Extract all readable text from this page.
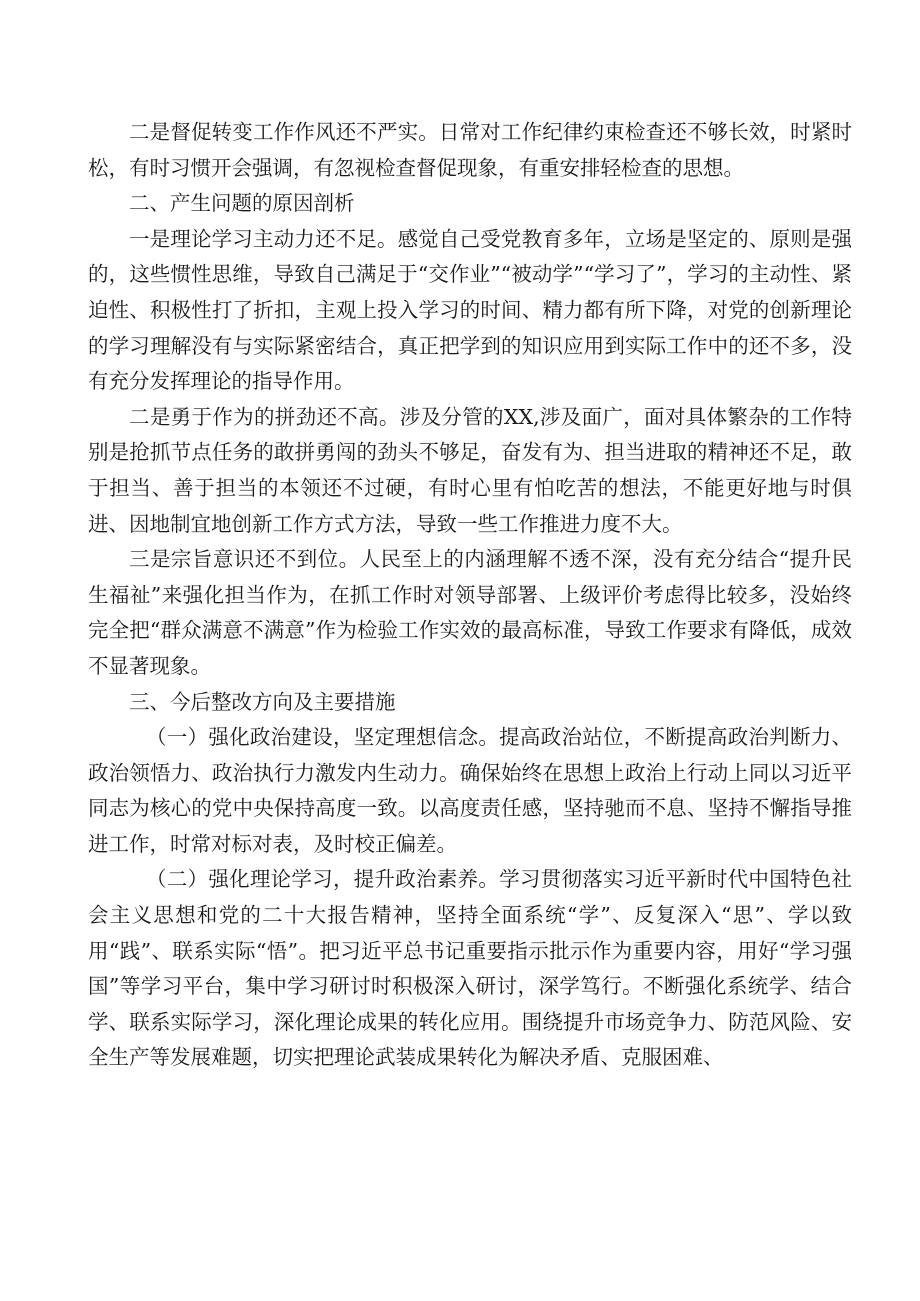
二是督促转变工作作风还不严实。日常对工作纪律约束检查还不够长效，时紧时松，有时习惯开会强调，有忽视检查督促现象，有重安排轻检查的思想。

二、产生问题的原因剖析

一是理论学习主动力还不足。感觉自己受党教育多年，立场是坚定的、原则是强的，这些惯性思维，导致自己满足于“交作业”“被动学”“学习了”，学习的主动性、紧迫性、积极性打了折扣，主观上投入学习的时间、精力都有所下降，对党的创新理论的学习理解没有与实际紧密结合，真正把学到的知识应用到实际工作中的还不多，没有充分发挥理论的指导作用。

二是勇于作为的拼劲还不高。涉及分管的XX,涉及面广，面对具体繁杂的工作特别是抢抓节点任务的敢拼勇闯的劲头不够足，奋发有为、担当进取的精神还不足，敢于担当、善于担当的本领还不过硬，有时心里有怕吃苦的想法，不能更好地与时俱进、因地制宜地创新工作方式方法，导致一些工作推进力度不大。

三是宗旨意识还不到位。人民至上的内涵理解不透不深，没有充分结合“提升民生福祉”来强化担当作为，在抓工作时对领导部署、上级评价考虑得比较多，没始终完全把“群众满意不满意”作为检验工作实效的最高标准，导致工作要求有降低，成效不显著现象。

三、今后整改方向及主要措施

（一）强化政治建设，坚定理想信念。提高政治站位，不断提高政治判断力、政治领悟力、政治执行力激发内生动力。确保始终在思想上政治上行动上同以习近平同志为核心的党中央保持高度一致。以高度责任感，坚持驰而不息、坚持不懈指导推进工作，时常对标对表，及时校正偏差。

（二）强化理论学习，提升政治素养。学习贯彻落实习近平新时代中国特色社会主义思想和党的二十大报告精神，坚持全面系统“学”、反复深入“思”、学以致用“践”、联系实际“悟”。把习近平总书记重要指示批示作为重要内容，用好“学习强国”等学习平台，集中学习研讨时积极深入研讨，深学笃行。不断强化系统学、结合学、联系实际学习，深化理论成果的转化应用。围绕提升市场竞争力、防范风险、安全生产等发展难题，切实把理论武装成果转化为解决矛盾、克服困难、
